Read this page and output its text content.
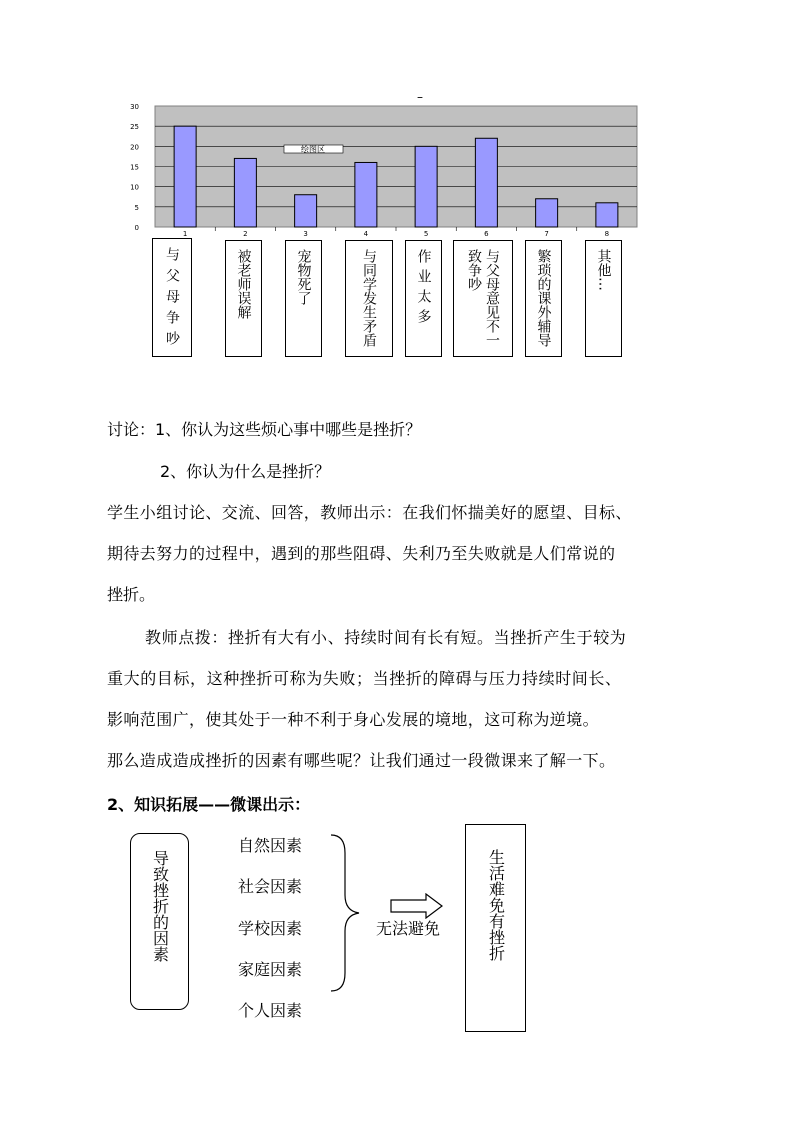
–
0
5
10
15
20
25
30
1	2	3	4	5	6	7	8
绘图区
与父母争吵	被老师误解	宠物死了	与同学发生矛盾	作业太多	与父母意见不一致争吵	繁琐的课外辅导	其他…
讨论：1、你认为这些烦心事中哪些是挫折？
2、你认为什么是挫折？
学生小组讨论、交流、回答，教师出示：在我们怀揣美好的愿望、目标、
期待去努力的过程中，遇到的那些阻碍、失利乃至失败就是人们常说的
挫折。
教师点拨：挫折有大有小、持续时间有长有短。当挫折产生于较为
重大的目标，这种挫折可称为失败；当挫折的障碍与压力持续时间长、
影响范围广，使其处于一种不利于身心发展的境地，这可称为逆境。
那么造成造成挫折的因素有哪些呢？让我们通过一段微课来了解一下。
2、知识拓展——微课出示：
导致挫折的因素
自然因素
社会因素
学校因素
家庭因素
个人因素
无法避免	生活难免有挫折
